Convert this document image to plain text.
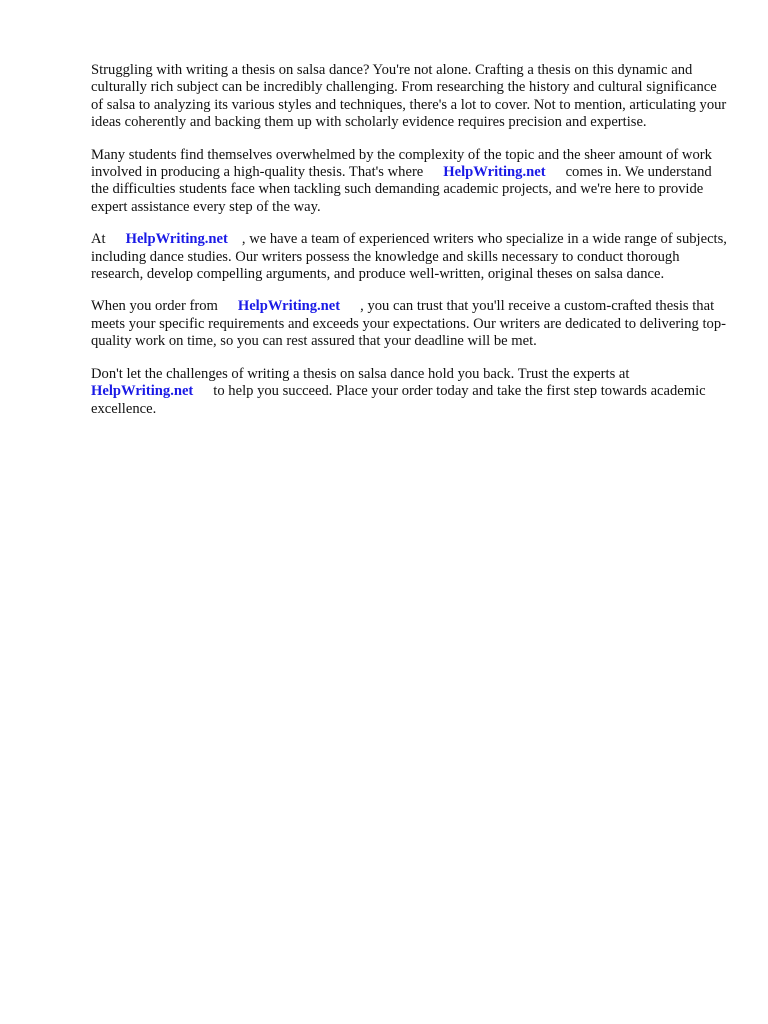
Struggling with writing a thesis on salsa dance? You're not alone. Crafting a thesis on this dynamic and culturally rich subject can be incredibly challenging. From researching the history and cultural significance of salsa to analyzing its various styles and techniques, there's a lot to cover. Not to mention, articulating your ideas coherently and backing them up with scholarly evidence requires precision and expertise.

Many students find themselves overwhelmed by the complexity of the topic and the sheer amount of work involved in producing a high-quality thesis. That's where HelpWriting.net comes in. We understand the difficulties students face when tackling such demanding academic projects, and we're here to provide expert assistance every step of the way.

At HelpWriting.net , we have a team of experienced writers who specialize in a wide range of subjects, including dance studies. Our writers possess the knowledge and skills necessary to conduct thorough research, develop compelling arguments, and produce well-written, original theses on salsa dance.

When you order from HelpWriting.net , you can trust that you'll receive a custom-crafted thesis that meets your specific requirements and exceeds your expectations. Our writers are dedicated to delivering top-quality work on time, so you can rest assured that your deadline will be met.

Don't let the challenges of writing a thesis on salsa dance hold you back. Trust the experts at HelpWriting.net to help you succeed. Place your order today and take the first step towards academic excellence.
